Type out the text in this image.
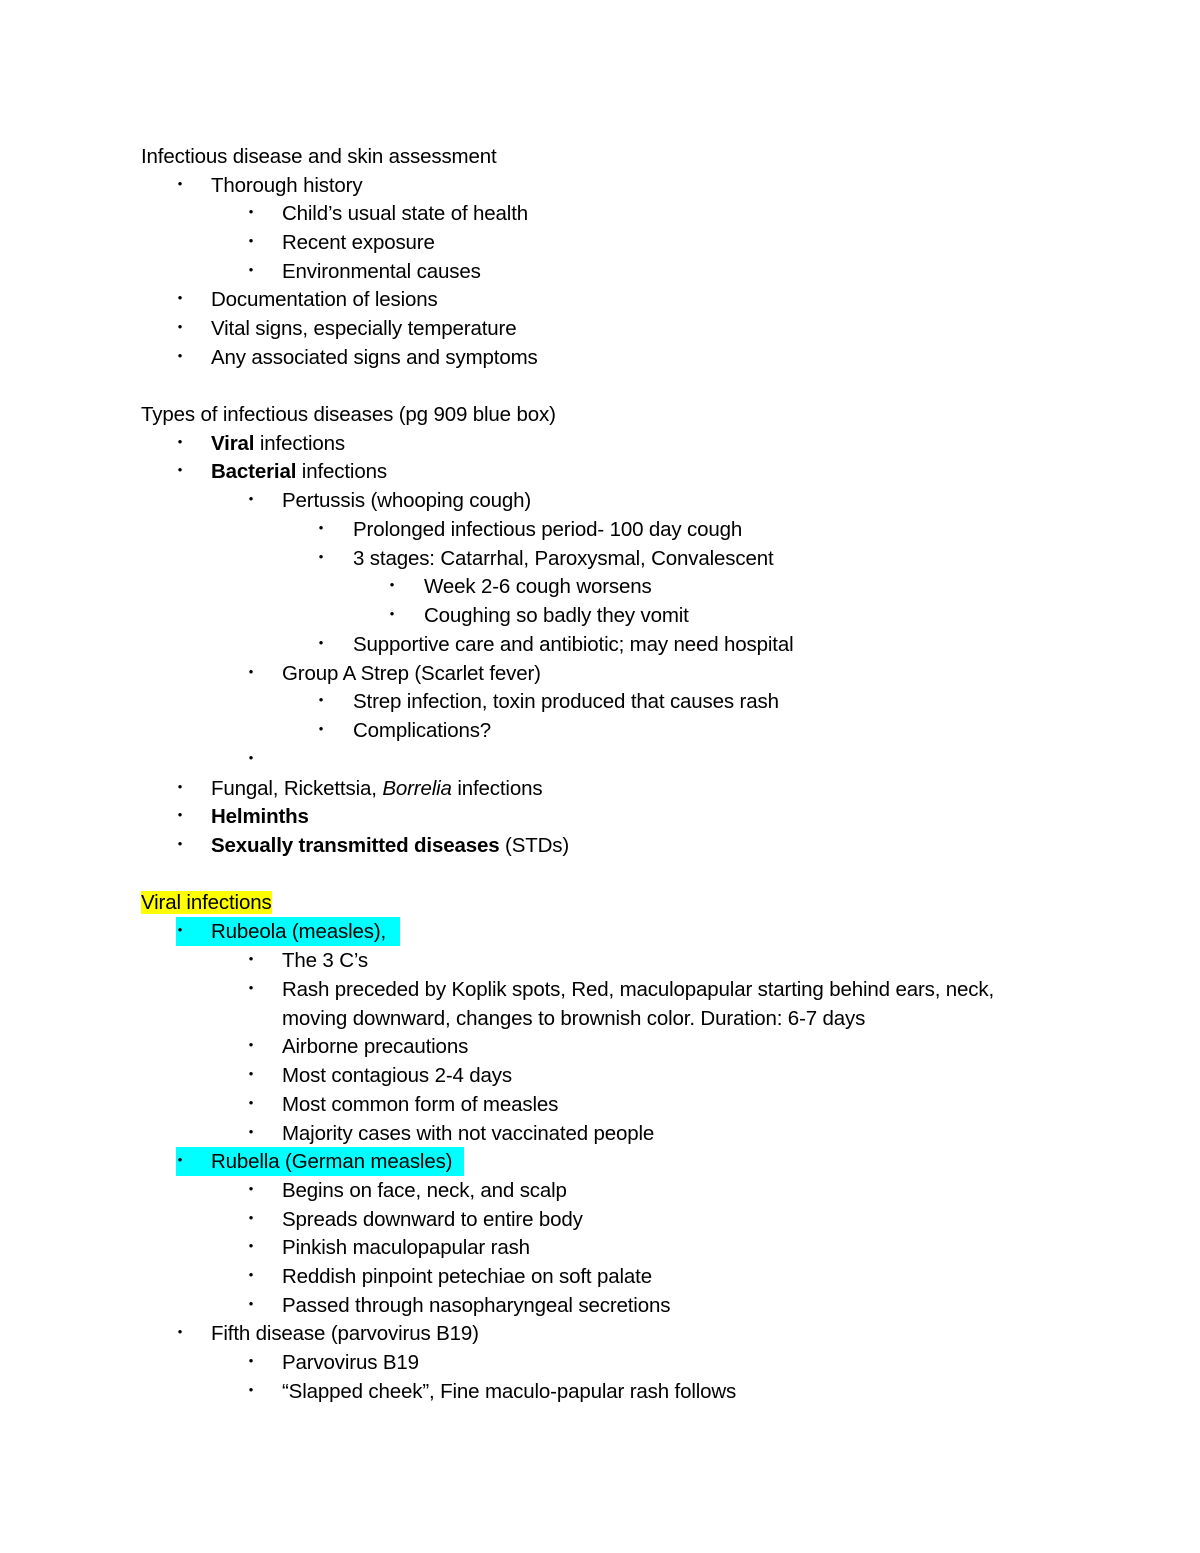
Infectious disease and skin assessment
•	Thorough history
•	Child’s usual state of health
•	Recent exposure
•	Environmental causes
•	Documentation of lesions
•	Vital signs, especially temperature
•	Any associated signs and symptoms
Types of infectious diseases (pg 909 blue box)
•	Viral infections
•	Bacterial infections
•	Pertussis (whooping cough)
•	Prolonged infectious period- 100 day cough
•	3 stages: Catarrhal, Paroxysmal, Convalescent
•	Week 2-6 cough worsens
•	Coughing so badly they vomit
•	Supportive care and antibiotic; may need hospital
•	Group A Strep (Scarlet fever)
•	Strep infection, toxin produced that causes rash
•	Complications?
•
•	Fungal, Rickettsia, Borrelia infections
•	Helminths
•	Sexually transmitted diseases (STDs)
Viral infections
•	Rubeola (measles),
•	The 3 C’s
•	Rash preceded by Koplik spots, Red, maculopapular starting behind ears, neck,
moving downward, changes to brownish color. Duration: 6-7 days
•	Airborne precautions
•	Most contagious 2-4 days
•	Most common form of measles
•	Majority cases with not vaccinated people
•	Rubella (German measles)
•	Begins on face, neck, and scalp
•	Spreads downward to entire body
•	Pinkish maculopapular rash
•	Reddish pinpoint petechiae on soft palate
•	Passed through nasopharyngeal secretions
•	Fifth disease (parvovirus B19)
•	Parvovirus B19
•	“Slapped cheek”, Fine maculo-papular rash follows
